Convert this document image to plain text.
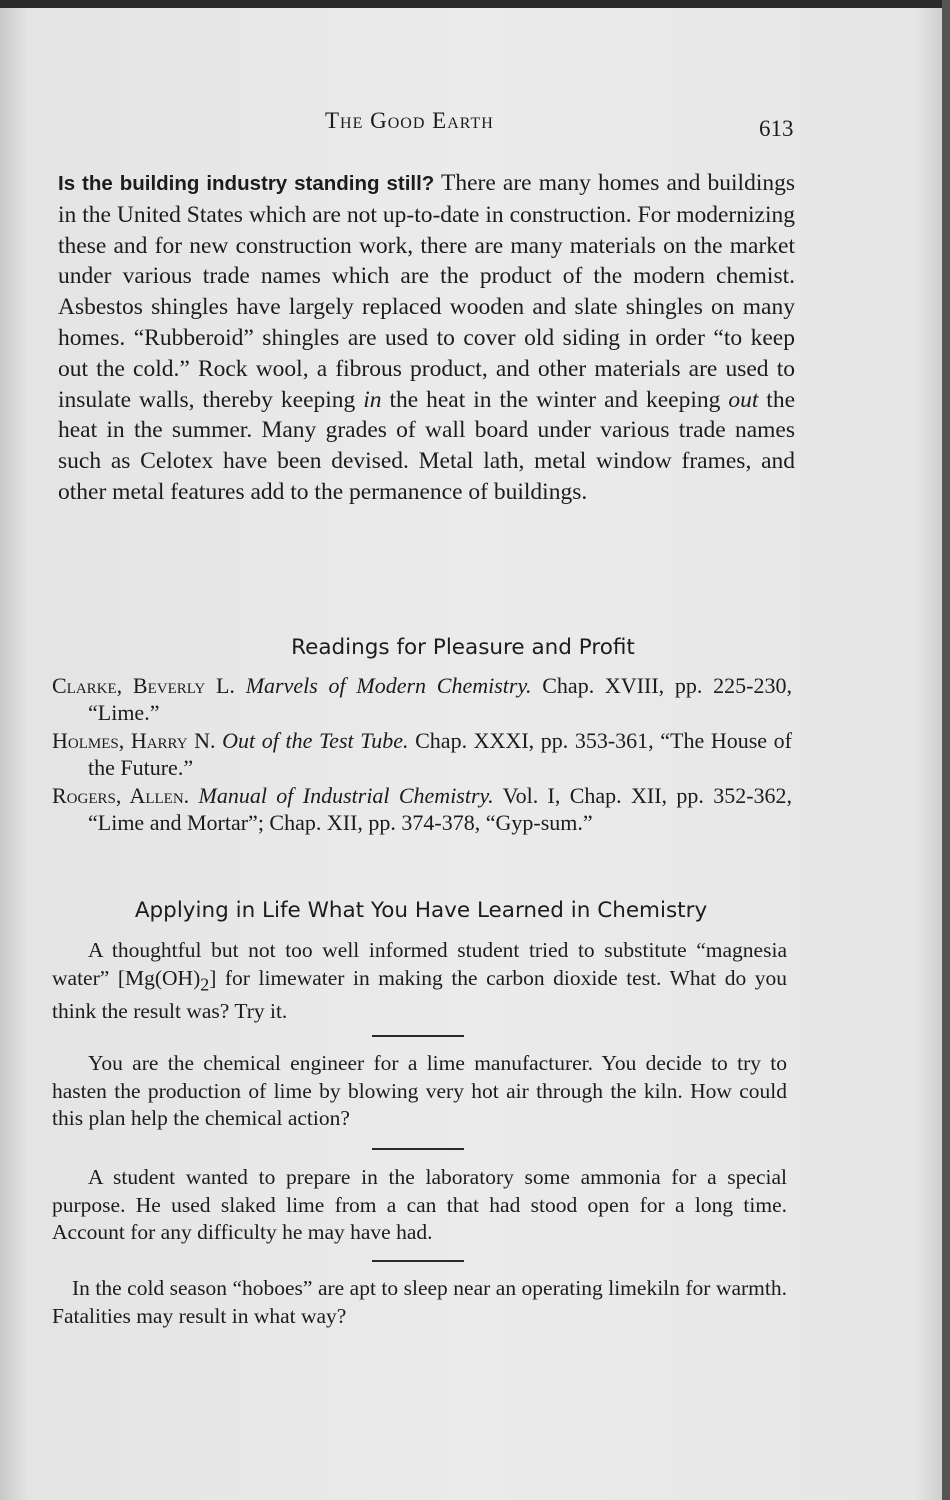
The Good Earth	613
Is the building industry standing still? There are many homes and buildings in the United States which are not up-to-date in construction. For modernizing these and for new construction work, there are many materials on the market under various trade names which are the product of the modern chemist. Asbestos shingles have largely replaced wooden and slate shingles on many homes. “Rubberoid” shingles are used to cover old siding in order “to keep out the cold.” Rock wool, a fibrous product, and other materials are used to insulate walls, thereby keeping in the heat in the winter and keeping out the heat in the summer. Many grades of wall board under various trade names such as Celotex have been devised. Metal lath, metal window frames, and other metal features add to the permanence of buildings.
Readings for Pleasure and Profit
Clarke, Beverly L. Marvels of Modern Chemistry. Chap. XVIII, pp. 225-230, “Lime.”
Holmes, Harry N. Out of the Test Tube. Chap. XXXI, pp. 353-361, “The House of the Future.”
Rogers, Allen. Manual of Industrial Chemistry. Vol. I, Chap. XII, pp. 352-362, “Lime and Mortar”; Chap. XII, pp. 374-378, “Gyp-sum.”
Applying in Life What You Have Learned in Chemistry
A thoughtful but not too well informed student tried to substitute “magnesia water” $[Mg(OH)_2]$ for limewater in making the carbon dioxide test. What do you think the result was? Try it.
You are the chemical engineer for a lime manufacturer. You decide to try to hasten the production of lime by blowing very hot air through the kiln. How could this plan help the chemical action?
A student wanted to prepare in the laboratory some ammonia for a special purpose. He used slaked lime from a can that had stood open for a long time. Account for any difficulty he may have had.
In the cold season “hoboes” are apt to sleep near an operating limekiln for warmth. Fatalities may result in what way?
